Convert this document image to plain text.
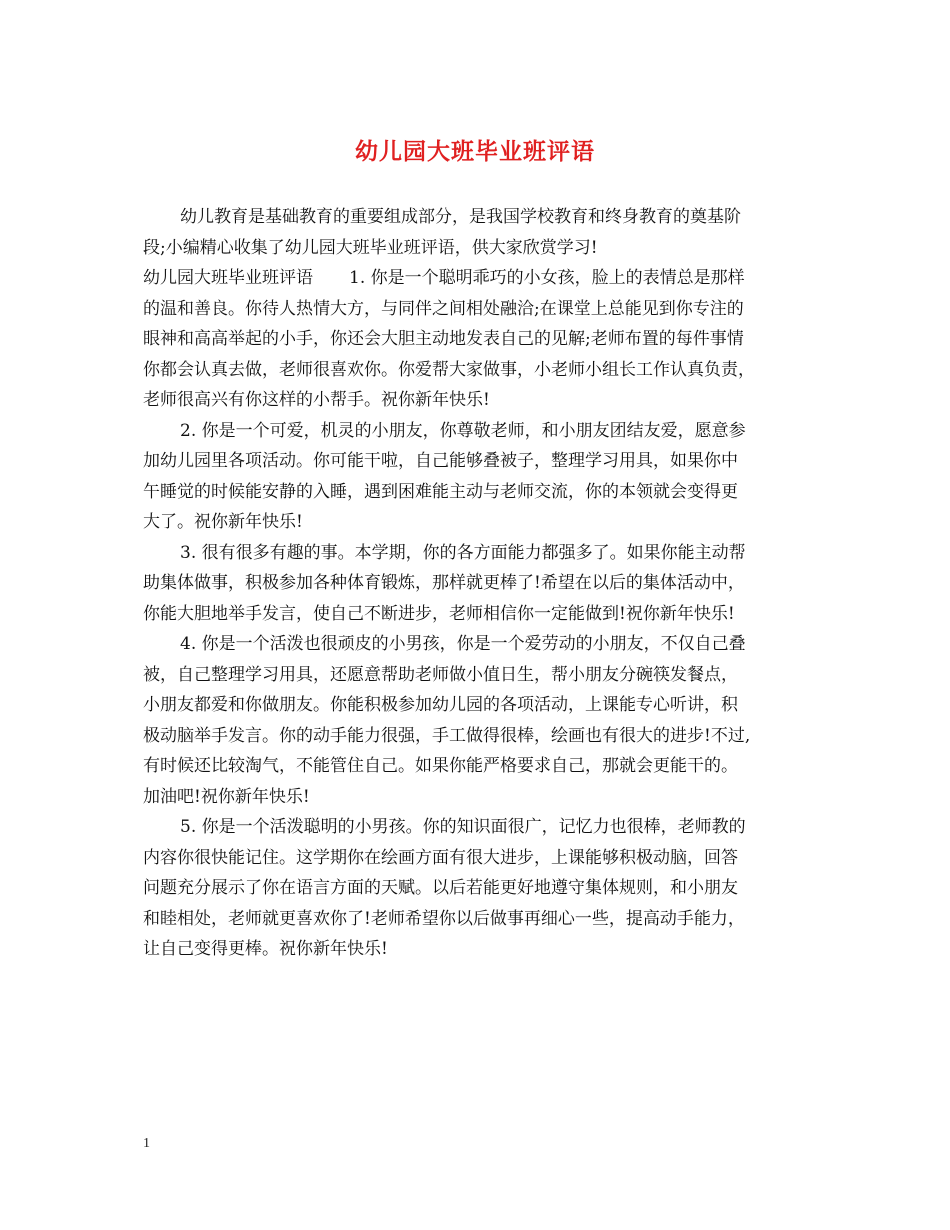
幼儿园大班毕业班评语
幼儿教育是基础教育的重要组成部分，是我国学校教育和终身教育的奠基阶
段;小编精心收集了幼儿园大班毕业班评语，供大家欣赏学习!
幼儿园大班毕业班评语 1. 你是一个聪明乖巧的小女孩，脸上的表情总是那样
的温和善良。你待人热情大方，与同伴之间相处融洽;在课堂上总能见到你专注的
眼神和高高举起的小手，你还会大胆主动地发表自己的见解;老师布置的每件事情
你都会认真去做，老师很喜欢你。你爱帮大家做事，小老师小组长工作认真负责，
老师很高兴有你这样的小帮手。祝你新年快乐!
2. 你是一个可爱，机灵的小朋友，你尊敬老师，和小朋友团结友爱，愿意参
加幼儿园里各项活动。你可能干啦，自己能够叠被子，整理学习用具，如果你中
午睡觉的时候能安静的入睡，遇到困难能主动与老师交流，你的本领就会变得更
大了。祝你新年快乐!
3. 很有很多有趣的事。本学期，你的各方面能力都强多了。如果你能主动帮
助集体做事，积极参加各种体育锻炼，那样就更棒了!希望在以后的集体活动中，
你能大胆地举手发言，使自己不断进步，老师相信你一定能做到!祝你新年快乐!
4. 你是一个活泼也很顽皮的小男孩，你是一个爱劳动的小朋友，不仅自己叠
被，自己整理学习用具，还愿意帮助老师做小值日生，帮小朋友分碗筷发餐点，
小朋友都爱和你做朋友。你能积极参加幼儿园的各项活动，上课能专心听讲，积
极动脑举手发言。你的动手能力很强，手工做得很棒，绘画也有很大的进步!不过,
有时候还比较淘气，不能管住自己。如果你能严格要求自己，那就会更能干的。
加油吧!祝你新年快乐!
5. 你是一个活泼聪明的小男孩。你的知识面很广，记忆力也很棒，老师教的
内容你很快能记住。这学期你在绘画方面有很大进步，上课能够积极动脑，回答
问题充分展示了你在语言方面的天赋。以后若能更好地遵守集体规则，和小朋友
和睦相处，老师就更喜欢你了!老师希望你以后做事再细心一些，提高动手能力，
让自己变得更棒。祝你新年快乐!
1
